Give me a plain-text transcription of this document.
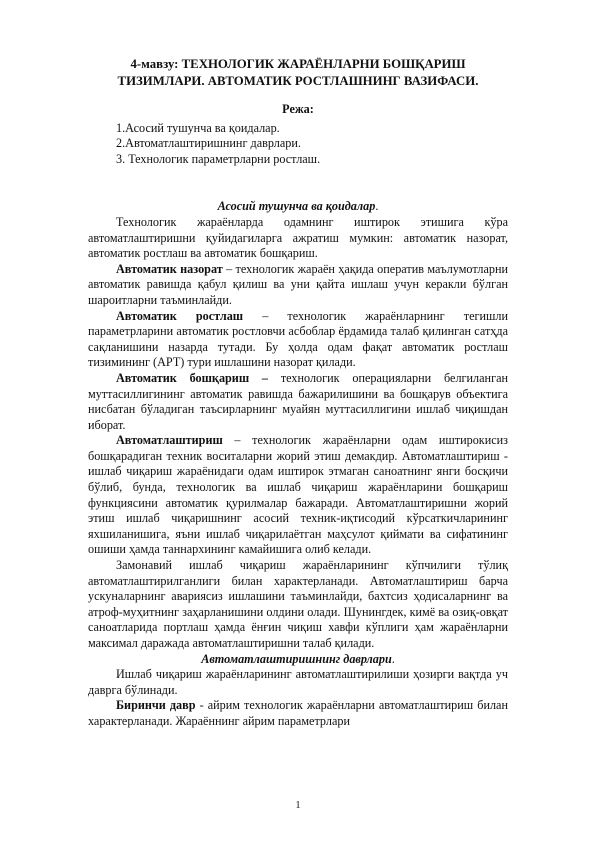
4-мавзу: ТЕХНОЛОГИК ЖАРАЁНЛАРНИ БОШҚАРИШ ТИЗИМЛАРИ. АВТОМАТИК РОСТЛАШНИНГ ВАЗИФАСИ.
Режа:
1.Асосий тушунча ва қоидалар.
2.Автоматлаштиришнинг даврлари.
3. Технологик параметрларни ростлаш.
Асосий тушунча ва қоидалар.

Технологик жараёнларда одамнинг иштирок этишига кўра автоматлаштиришни қуйидагиларга ажратиш мумкин: автоматик назорат, автоматик ростлаш ва автоматик бошқариш.

Автоматик назорат – технологик жараён ҳақида оператив маълумотларни автоматик равишда қабул қилиш ва уни қайта ишлаш учун керакли бўлган шароитларни таъминлайди.

Автоматик ростлаш – технологик жараёнларнинг тегишли параметрларини автоматик ростловчи асбоблар ёрдамида талаб қилинган сатҳда сақланишини назарда тутади. Бу ҳолда одам фақат автоматик ростлаш тизимининг (АРТ) тури ишлашини назорат қилади.

Автоматик бошқариш – технологик операцияларни белгиланган муттасиллигининг автоматик равишда бажарилишини ва бошқарув объектига нисбатан бўладиган таъсирларнинг муайян муттасиллигини ишлаб чиқишдан иборат.

Автоматлаштириш – технологик жараёнларни одам иштирокисиз бошқарадиган техник воситаларни жорий этиш демакдир. Автоматлаштириш - ишлаб чиқариш жараёнидаги одам иштирок этмаган саноатнинг янги босқичи бўлиб, бунда, технологик ва ишлаб чиқариш жараёнларини бошқариш функциясини автоматик қурилмалар бажаради. Автоматлаштиришни жорий этиш ишлаб чиқаришнинг асосий техник-иқтисодий кўрсаткичларининг яхшиланишига, яъни ишлаб чиқарилаётган маҳсулот қиймати ва сифатининг ошиши ҳамда таннархининг камайишига олиб келади.

Замонавий ишлаб чиқариш жараёнларининг кўпчилиги тўлиқ автоматлаштирилганлиги билан характерланади. Автоматлаштириш барча ускуналарнинг авариясиз ишлашини таъминлайди, бахтсиз ҳодисаларнинг ва атроф-муҳитнинг заҳарланишини олдини олади. Шунингдек, кимё ва озиқ-овқат саноатларида портлаш ҳамда ёнғин чиқиш хавфи кўплиги ҳам жараёнларни максимал даражада автоматлаштиришни талаб қилади.

Автоматлаштиришнинг даврлари.

Ишлаб чиқариш жараёнларининг автоматлаштирилиши ҳозирги вақтда уч даврга бўлинади.

Биринчи давр - айрим технологик жараёнларни автоматлаштириш билан характерланади. Жараённинг айрим параметрлари

1
